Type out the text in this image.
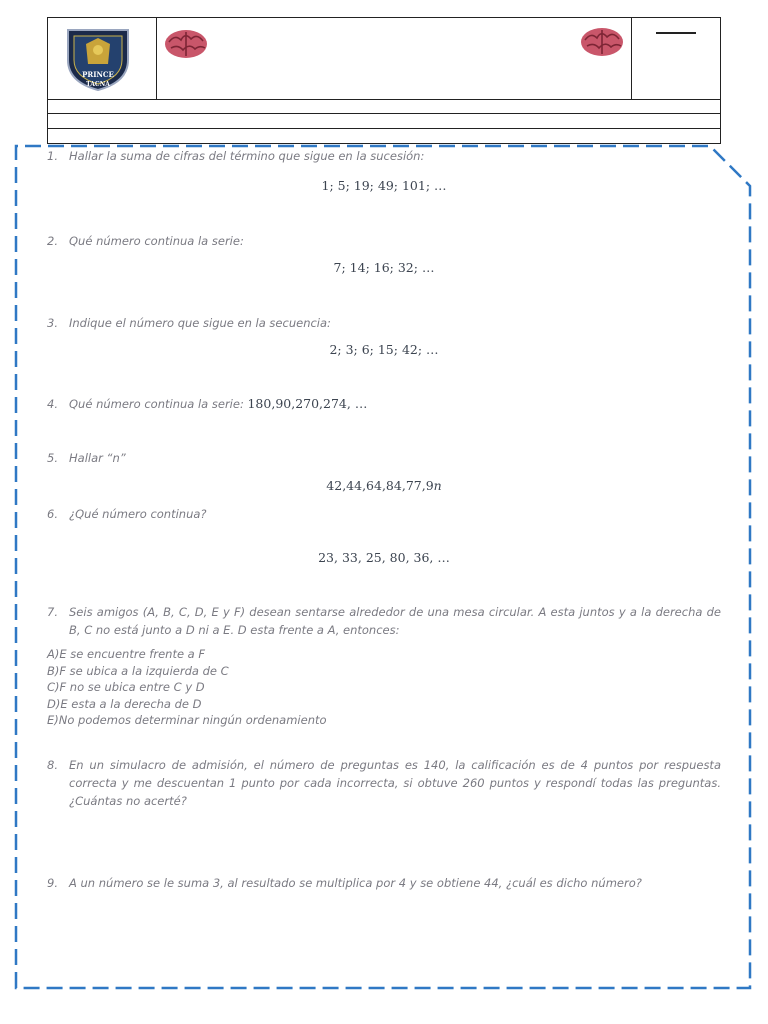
PRINCE
TACNA
1. Hallar la suma de cifras del término que sigue en la sucesión:
1; 5; 19; 49; 101; …
2. Qué número continua la serie:
7; 14; 16; 32; …
3. Indique el número que sigue en la secuencia:
2; 3; 6; 15; 42; …
4. Qué número continua la serie: 180,90,270,274, …
5. Hallar “n”
42,44,64,84,77,9𝑛
6. ¿Qué número continua?
23, 33, 25, 80, 36, …
7. Seis amigos (A, B, C, D, E y F) desean sentarse alrededor de una mesa circular. A esta juntos y a la derecha de B, C no está junto a D ni a E. D esta frente a A, entonces:
A)E se encuentre frente a F
B)F se ubica a la izquierda de C
C)F no se ubica entre C y D
D)E esta a la derecha de D
E)No podemos determinar ningún ordenamiento
8. En un simulacro de admisión, el número de preguntas es 140, la calificación es de 4 puntos por respuesta correcta y me descuentan 1 punto por cada incorrecta, si obtuve 260 puntos y respondí todas las preguntas. ¿Cuántas no acerté?
9. A un número se le suma 3, al resultado se multiplica por 4 y se obtiene 44, ¿cuál es dicho número?
